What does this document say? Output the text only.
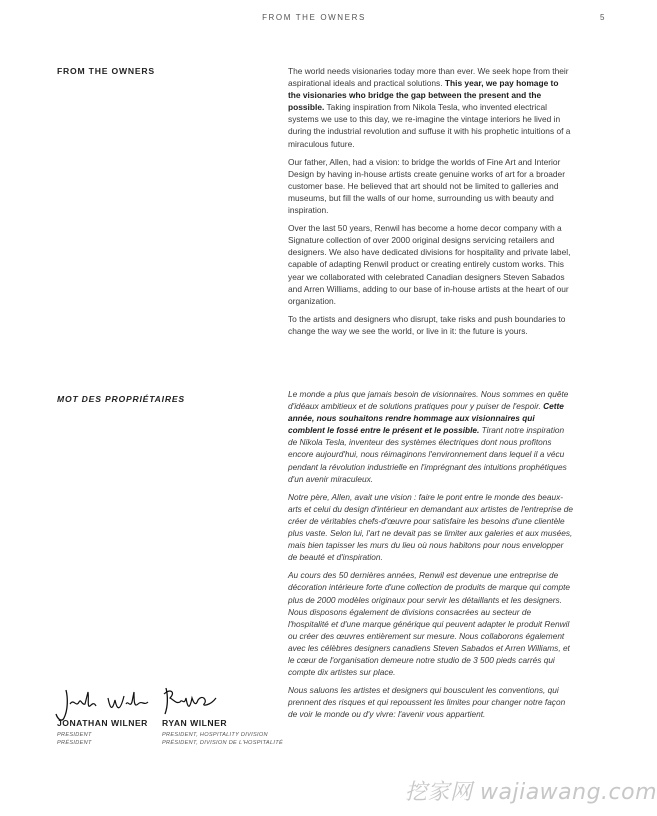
FROM THE OWNERS	5
FROM THE OWNERS	The world needs visionaries today more than ever. We seek hope from their aspirational ideals and practical solutions. This year, we pay homage to the visionaries who bridge the gap between the present and the possible. Taking inspiration from Nikola Tesla, who invented electrical systems we use to this day, we re-imagine the vintage interiors he lived in during the industrial revolution and suffuse it with his prophetic intuitions of a miraculous future.

Our father, Allen, had a vision: to bridge the worlds of Fine Art and Interior Design by having in-house artists create genuine works of art for a broader customer base. He believed that art should not be limited to galleries and museums, but fill the walls of our home, surrounding us with beauty and inspiration.

Over the last 50 years, Renwil has become a home decor company with a Signature collection of over 2000 original designs servicing retailers and designers. We also have dedicated divisions for hospitality and private label, capable of adapting Renwil product or creating entirely custom works. This year we collaborated with celebrated Canadian designers Steven Sabados and Arren Williams, adding to our base of in-house artists at the heart of our organization.

To the artists and designers who disrupt, take risks and push boundaries to change the way we see the world, or live in it: the future is yours.

MOT DES PROPRIÉTAIRES	Le monde a plus que jamais besoin de visionnaires. Nous sommes en quête d'idéaux ambitieux et de solutions pratiques pour y puiser de l'espoir. Cette année, nous souhaitons rendre hommage aux visionnaires qui comblent le fossé entre le présent et le possible. Tirant notre inspiration de Nikola Tesla, inventeur des systèmes électriques dont nous profitons encore aujourd'hui, nous réimaginons l'environnement dans lequel il a vécu pendant la révolution industrielle en l'imprégnant des intuitions prophétiques d'un avenir miraculeux.

Notre père, Allen, avait une vision : faire le pont entre le monde des beaux-arts et celui du design d'intérieur en demandant aux artistes de l'entreprise de créer de véritables chefs-d'œuvre pour satisfaire les besoins d'une clientèle plus vaste. Selon lui, l'art ne devait pas se limiter aux galeries et aux musées, mais bien tapisser les murs du lieu où nous habitons pour nous envelopper de beauté et d'inspiration.

Au cours des 50 dernières années, Renwil est devenue une entreprise de décoration intérieure forte d'une collection de produits de marque qui compte plus de 2000 modèles originaux pour servir les détaillants et les designers. Nous disposons également de divisions consacrées au secteur de l'hospitalité et d'une marque générique qui peuvent adapter le produit Renwil ou créer des œuvres entièrement sur mesure. Nous collaborons également avec les célèbres designers canadiens Steven Sabados et Arren Williams, et le cœur de l'organisation demeure notre studio de 3 500 pieds carrés qui compte dix artistes sur place.

Nous saluons les artistes et designers qui bousculent les conventions, qui prennent des risques et qui repoussent les limites pour changer notre façon de voir le monde ou d'y vivre: l'avenir vous appartient.

JONATHAN WILNER
PRESIDENT
PRÉSIDENT
RYAN WILNER
PRESIDENT, HOSPITALITY DIVISION
PRÉSIDENT, DIVISION DE L'HOSPITALITÉ
挖家网 wajiawang.com
